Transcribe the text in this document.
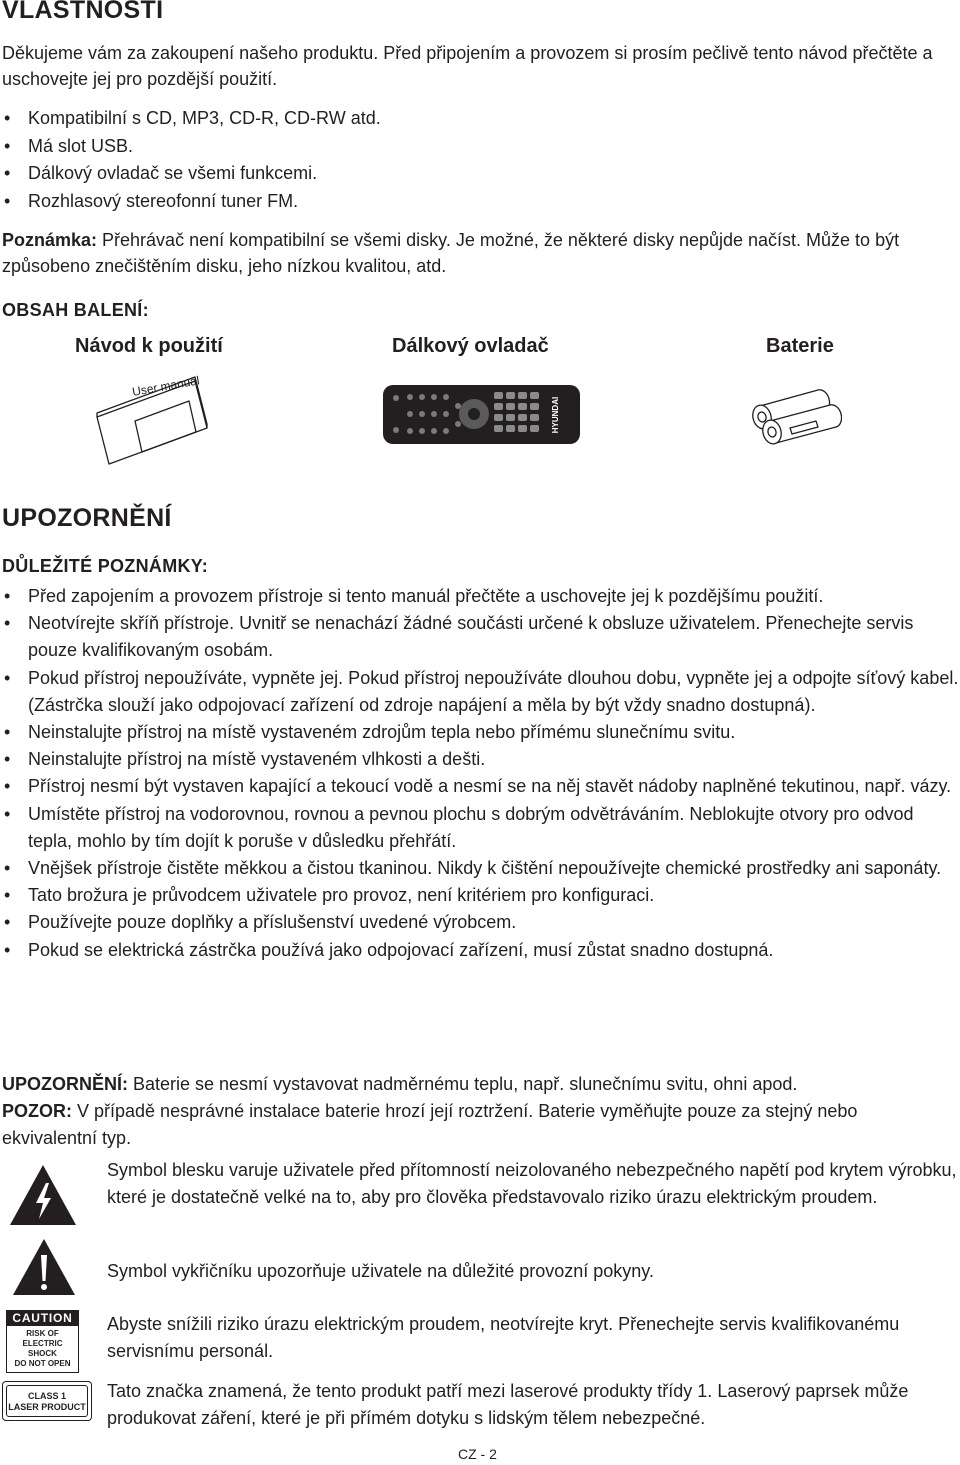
VLASTNOSTI

Děkujeme vám za zakoupení našeho produktu. Před připojením a provozem si prosím pečlivě tento návod přečtěte a uschovejte jej pro pozdější použití.

• Kompatibilní s CD, MP3, CD-R, CD-RW atd.
• Má slot USB.
• Dálkový ovladač se všemi funkcemi.
• Rozhlasový stereofonní tuner FM.

Poznámka: Přehrávač není kompatibilní se všemi disky. Je možné, že některé disky nepůjde načíst. Může to být způsobeno znečištěním disku, jeho nízkou kvalitou, atd.

OBSAH BALENÍ:
Návod k použití	Dálkový ovladač	Baterie
User manual
HYUNDAI
UPOZORNĚNÍ
DŮLEŽITÉ POZNÁMKY:
• Před zapojením a provozem přístroje si tento manuál přečtěte a uschovejte jej k pozdějšímu použití.
• Neotvírejte skříň přístroje. Uvnitř se nenachází žádné součásti určené k obsluze uživatelem. Přenechejte servis pouze kvalifikovaným osobám.
• Pokud přístroj nepoužíváte, vypněte jej. Pokud přístroj nepoužíváte dlouhou dobu, vypněte jej a odpojte síťový kabel. (Zástrčka slouží jako odpojovací zařízení od zdroje napájení a měla by být vždy snadno dostupná).
• Neinstalujte přístroj na místě vystaveném zdrojům tepla nebo přímému slunečnímu svitu.
• Neinstalujte přístroj na místě vystaveném vlhkosti a dešti.
• Přístroj nesmí být vystaven kapající a tekoucí vodě a nesmí se na něj stavět nádoby naplněné tekutinou, např. vázy.
• Umístěte přístroj na vodorovnou, rovnou a pevnou plochu s dobrým odvětráváním. Neblokujte otvory pro odvod tepla, mohlo by tím dojít k poruše v důsledku přehřátí.
• Vnějšek přístroje čistěte měkkou a čistou tkaninou. Nikdy k čištění nepoužívejte chemické prostředky ani saponáty.
• Tato brožura je průvodcem uživatele pro provoz, není kritériem pro konfiguraci.
• Používejte pouze doplňky a příslušenství uvedené výrobcem.
• Pokud se elektrická zástrčka používá jako odpojovací zařízení, musí zůstat snadno dostupná.

UPOZORNĚNÍ: Baterie se nesmí vystavovat nadměrnému teplu, např. slunečnímu svitu, ohni apod.

POZOR: V případě nesprávné instalace baterie hrozí její roztržení. Baterie vyměňujte pouze za stejný nebo ekvivalentní typ.

Symbol blesku varuje uživatele před přítomností neizolovaného nebezpečného napětí pod krytem výrobku, které je dostatečně velké na to, aby pro člověka představovalo riziko úrazu elektrickým proudem.

Symbol vykřičníku upozorňuje uživatele na důležité provozní pokyny.

CAUTION
RISK OF ELECTRIC
SHOCK
DO NOT OPEN

Abyste snížili riziko úrazu elektrickým proudem, neotvírejte kryt. Přenechejte servis kvalifikovanému servisnímu personál.

CLASS 1
LASER PRODUCT

Tato značka znamená, že tento produkt patří mezi laserové produkty třídy 1. Laserový paprsek může produkovat záření, které je při přímém dotyku s lidským tělem nebezpečné.

CZ - 2
